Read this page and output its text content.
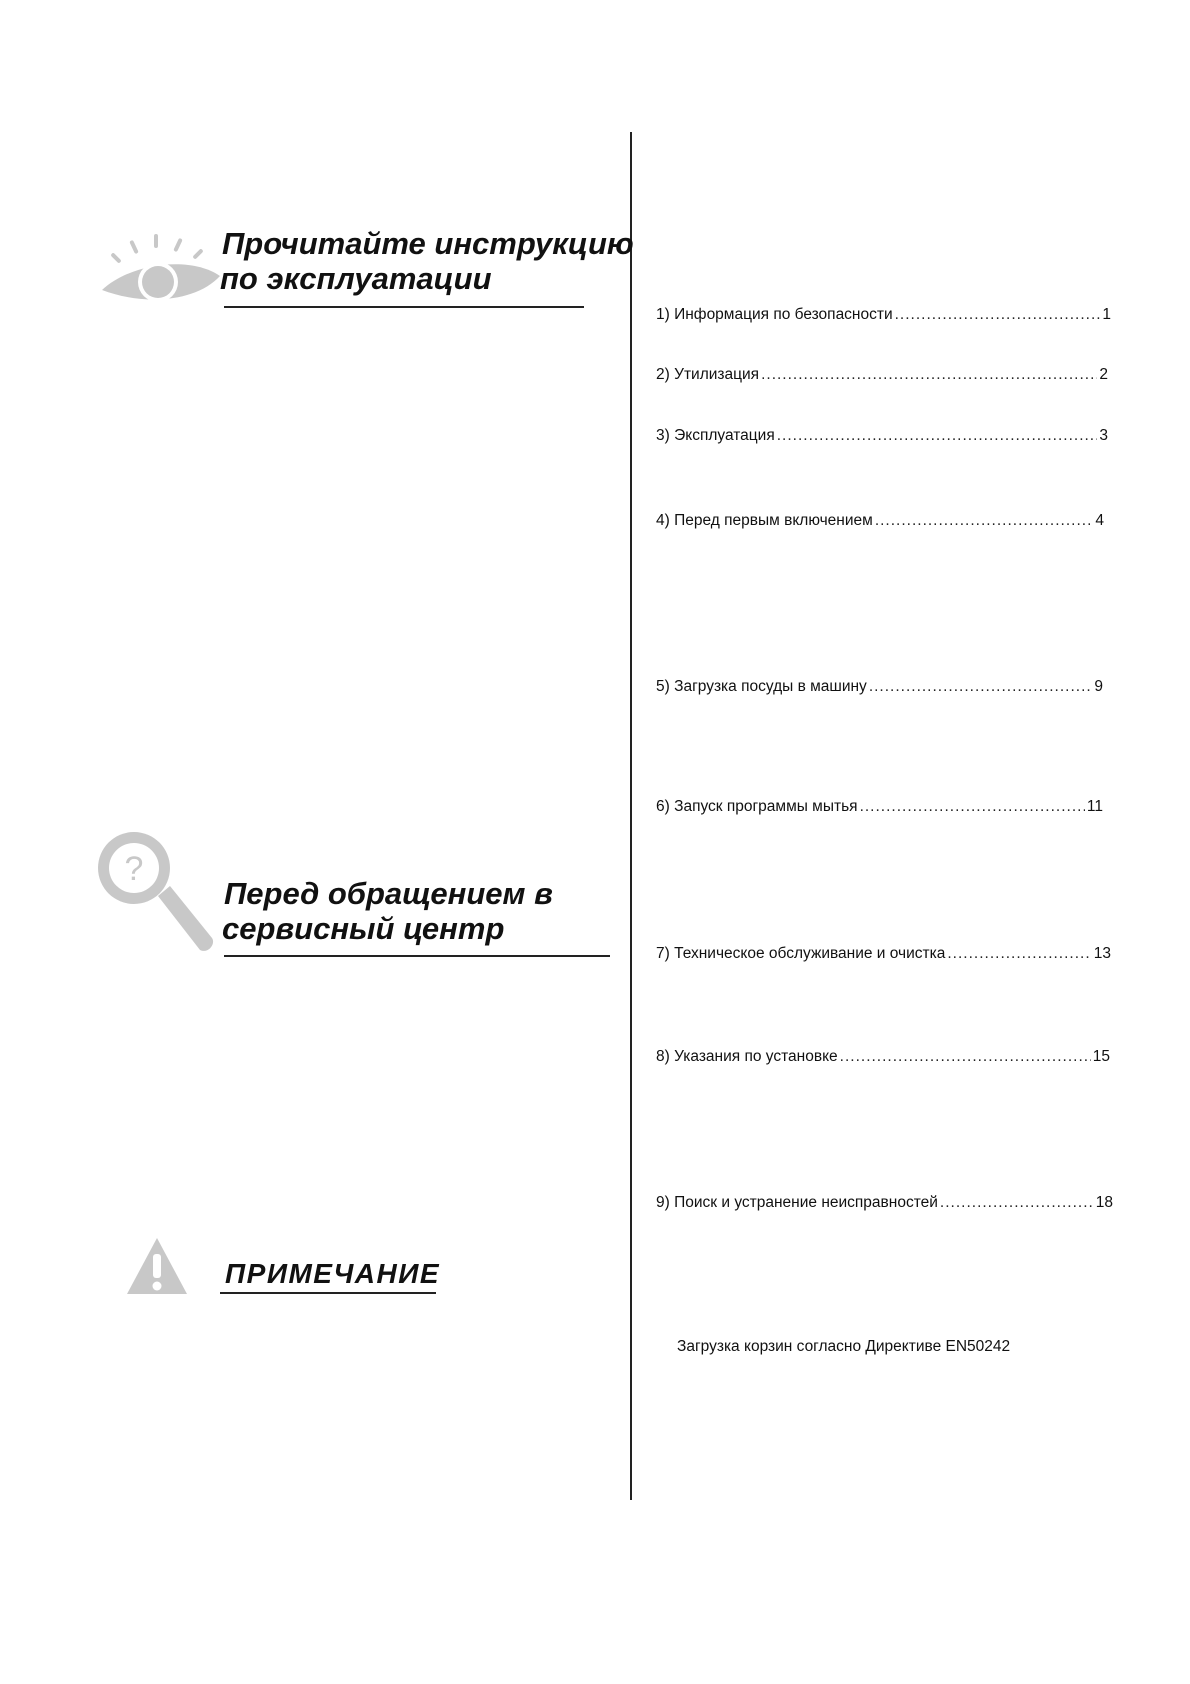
Прочитайте инструкцию
по эксплуатации
?
Перед обращением в
сервисный центр
ПРИМЕЧАНИЕ
1)
Информация по безопасности .....	1
2)
Утилизация .....	2
3)
Эксплуатация .....	3
4)
Перед первым включением .....	4
5)
Загрузка посуды в машину .....	9
6)
Запуск программы мытья .....	11
7)
Техническое обслуживание и очистка .....	13
8)
Указания по установке .....	15
9)
Поиск и устранение неисправностей .....	18
Загрузка корзин согласно Директиве EN50242
